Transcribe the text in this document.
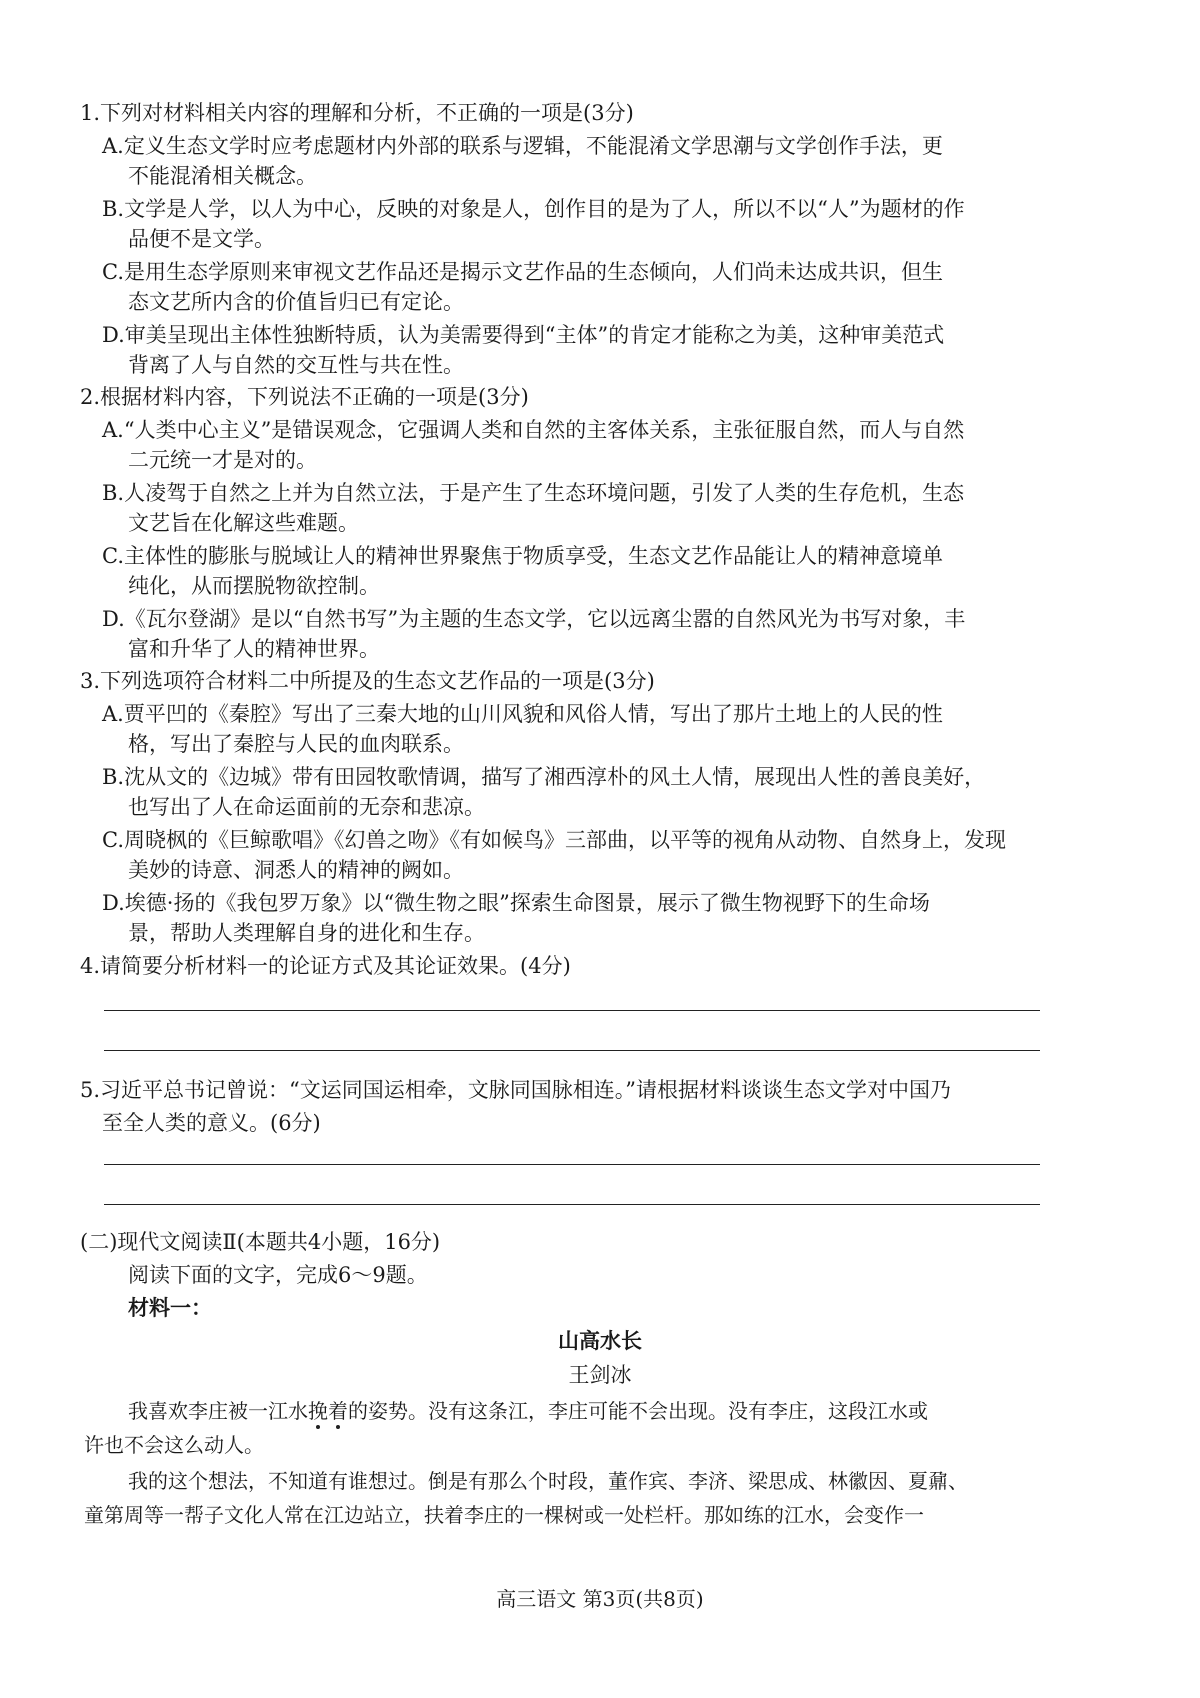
1.下列对材料相关内容的理解和分析，不正确的一项是(3分)
A.定义生态文学时应考虑题材内外部的联系与逻辑，不能混淆文学思潮与文学创作手法，更
不能混淆相关概念。
B.文学是人学，以人为中心，反映的对象是人，创作目的是为了人，所以不以“人”为题材的作
品便不是文学。
C.是用生态学原则来审视文艺作品还是揭示文艺作品的生态倾向，人们尚未达成共识，但生
态文艺所内含的价值旨归已有定论。
D.审美呈现出主体性独断特质，认为美需要得到“主体”的肯定才能称之为美，这种审美范式
背离了人与自然的交互性与共在性。
2.根据材料内容，下列说法不正确的一项是(3分)
A.“人类中心主义”是错误观念，它强调人类和自然的主客体关系，主张征服自然，而人与自然
二元统一才是对的。
B.人凌驾于自然之上并为自然立法，于是产生了生态环境问题，引发了人类的生存危机，生态
文艺旨在化解这些难题。
C.主体性的膨胀与脱域让人的精神世界聚焦于物质享受，生态文艺作品能让人的精神意境单
纯化，从而摆脱物欲控制。
D.《瓦尔登湖》是以“自然书写”为主题的生态文学，它以远离尘嚣的自然风光为书写对象，丰
富和升华了人的精神世界。
3.下列选项符合材料二中所提及的生态文艺作品的一项是(3分)
A.贾平凹的《秦腔》写出了三秦大地的山川风貌和风俗人情，写出了那片土地上的人民的性
格，写出了秦腔与人民的血肉联系。
B.沈从文的《边城》带有田园牧歌情调，描写了湘西淳朴的风土人情，展现出人性的善良美好，
也写出了人在命运面前的无奈和悲凉。
C.周晓枫的《巨鲸歌唱》《幻兽之吻》《有如候鸟》三部曲，以平等的视角从动物、自然身上，发现
美妙的诗意、洞悉人的精神的阙如。
D.埃德·扬的《我包罗万象》以“微生物之眼”探索生命图景，展示了微生物视野下的生命场
景，帮助人类理解自身的进化和生存。
4.请简要分析材料一的论证方式及其论证效果。(4分)
5.习近平总书记曾说：“文运同国运相牵，文脉同国脉相连。”请根据材料谈谈生态文学对中国乃
至全人类的意义。(6分)
(二)现代文阅读Ⅱ(本题共4小题，16分)
阅读下面的文字，完成6～9题。
材料一：
山高水长
王剑冰
我喜欢李庄被一江水挽着的姿势。没有这条江，李庄可能不会出现。没有李庄，这段江水或
许也不会这么动人。
我的这个想法，不知道有谁想过。倒是有那么个时段，董作宾、李济、梁思成、林徽因、夏鼐、
童第周等一帮子文化人常在江边站立，扶着李庄的一棵树或一处栏杆。那如练的江水，会变作一
高三语文 第3页(共8页)
